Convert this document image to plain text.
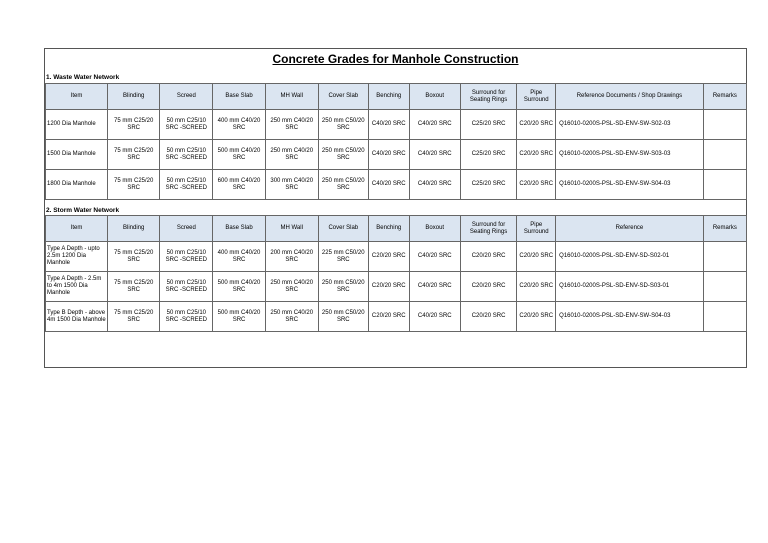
Concrete Grades for Manhole Construction
1. Waste Water Network
Item	Blinding	Screed	Base Slab	MH Wall	Cover Slab	Benching	Boxout	Surround for Seating Rings	Pipe Surround	Reference Documents / Shop Drawings	Remarks
1200 Dia Manhole	75 mm C25/20 SRC	50 mm C25/10 SRC -SCREED	400 mm C40/20 SRC	250 mm C40/20 SRC	250 mm C50/20 SRC	C40/20 SRC	C40/20 SRC	C25/20 SRC	C20/20 SRC	Q16010-0200S-PSL-SD-ENV-SW-S02-03	
1500 Dia Manhole	75 mm C25/20 SRC	50 mm C25/10 SRC -SCREED	500 mm C40/20 SRC	250 mm C40/20 SRC	250 mm C50/20 SRC	C40/20 SRC	C40/20 SRC	C25/20 SRC	C20/20 SRC	Q16010-0200S-PSL-SD-ENV-SW-S03-03	
1800 Dia Manhole	75 mm C25/20 SRC	50 mm C25/10 SRC -SCREED	600 mm C40/20 SRC	300 mm C40/20 SRC	250 mm C50/20 SRC	C40/20 SRC	C40/20 SRC	C25/20 SRC	C20/20 SRC	Q16010-0200S-PSL-SD-ENV-SW-S04-03	
2. Storm Water Network
Item	Blinding	Screed	Base Slab	MH Wall	Cover Slab	Benching	Boxout	Surround for Seating Rings	Pipe Surround	Reference	Remarks
Type A Depth - upto 2.5m 1200 Dia Manhole	75 mm C25/20 SRC	50 mm C25/10 SRC -SCREED	400 mm C40/20 SRC	200 mm C40/20 SRC	225 mm C50/20 SRC	C20/20 SRC	C40/20 SRC	C20/20 SRC	C20/20 SRC	Q16010-0200S-PSL-SD-ENV-SD-S02-01	
Type A Depth - 2.5m to 4m 1500 Dia Manhole	75 mm C25/20 SRC	50 mm C25/10 SRC -SCREED	500 mm C40/20 SRC	250 mm C40/20 SRC	250 mm C50/20 SRC	C20/20 SRC	C40/20 SRC	C20/20 SRC	C20/20 SRC	Q16010-0200S-PSL-SD-ENV-SD-S03-01	
Type B Depth - above 4m 1500 Dia Manhole	75 mm C25/20 SRC	50 mm C25/10 SRC -SCREED	500 mm C40/20 SRC	250 mm C40/20 SRC	250 mm C50/20 SRC	C20/20 SRC	C40/20 SRC	C20/20 SRC	C20/20 SRC	Q16010-0200S-PSL-SD-ENV-SW-S04-03	
